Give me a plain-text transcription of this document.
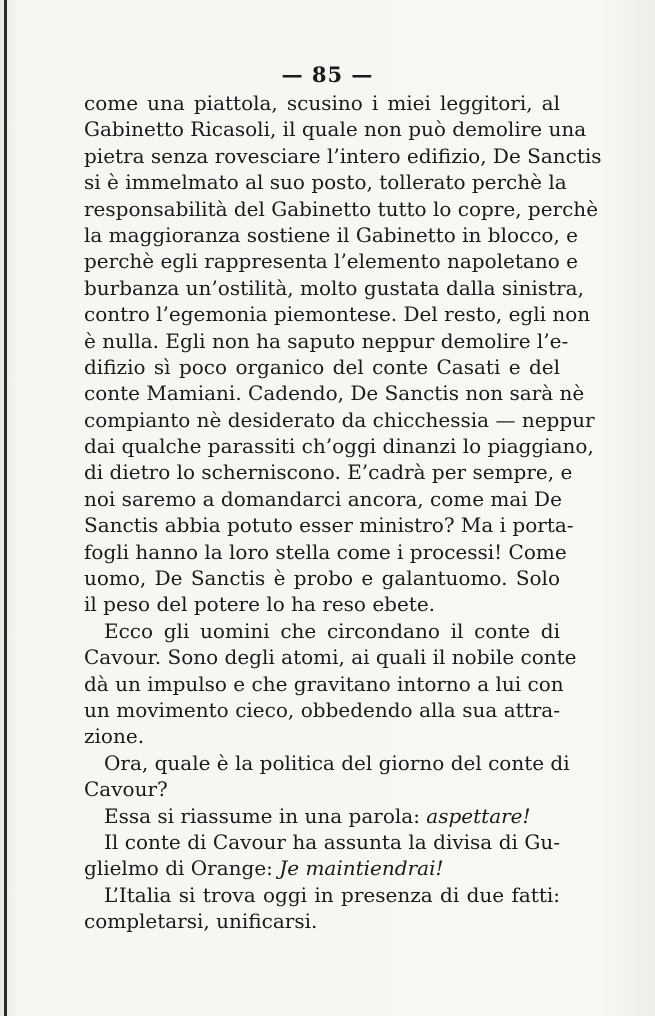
— 85 —
come una piattola, scusino i miei leggitori, al
Gabinetto Ricasoli, il quale non può demolire una
pietra senza rovesciare l’intero edifizio, De Sanctis
si è immelmato al suo posto, tollerato perchè la
responsabilità del Gabinetto tutto lo copre, perchè
la maggioranza sostiene il Gabinetto in blocco, e
perchè egli rappresenta l’elemento napoletano e
burbanza un’ostilità, molto gustata dalla sinistra,
contro l’egemonia piemontese. Del resto, egli non
è nulla. Egli non ha saputo neppur demolire l’e-
difizio sì poco organico del conte Casati e del
conte Mamiani. Cadendo, De Sanctis non sarà nè
compianto nè desiderato da chicchessia — neppur
dai qualche parassiti ch’oggi dinanzi lo piaggiano,
di dietro lo scherniscono. E’cadrà per sempre, e
noi saremo a domandarci ancora, come mai De
Sanctis abbia potuto esser ministro? Ma i porta-
fogli hanno la loro stella come i processi! Come
uomo, De Sanctis è probo e galantuomo. Solo
il peso del potere lo ha reso ebete.
Ecco gli uomini che circondano il conte di
Cavour. Sono degli atomi, ai quali il nobile conte
dà un impulso e che gravitano intorno a lui con
un movimento cieco, obbedendo alla sua attra-
zione.
Ora, quale è la politica del giorno del conte di
Cavour?
Essa si riassume in una parola: aspettare!
Il conte di Cavour ha assunta la divisa di Gu-
glielmo di Orange: Je maintiendrai!
L’Italia si trova oggi in presenza di due fatti:
completarsi, unificarsi.
